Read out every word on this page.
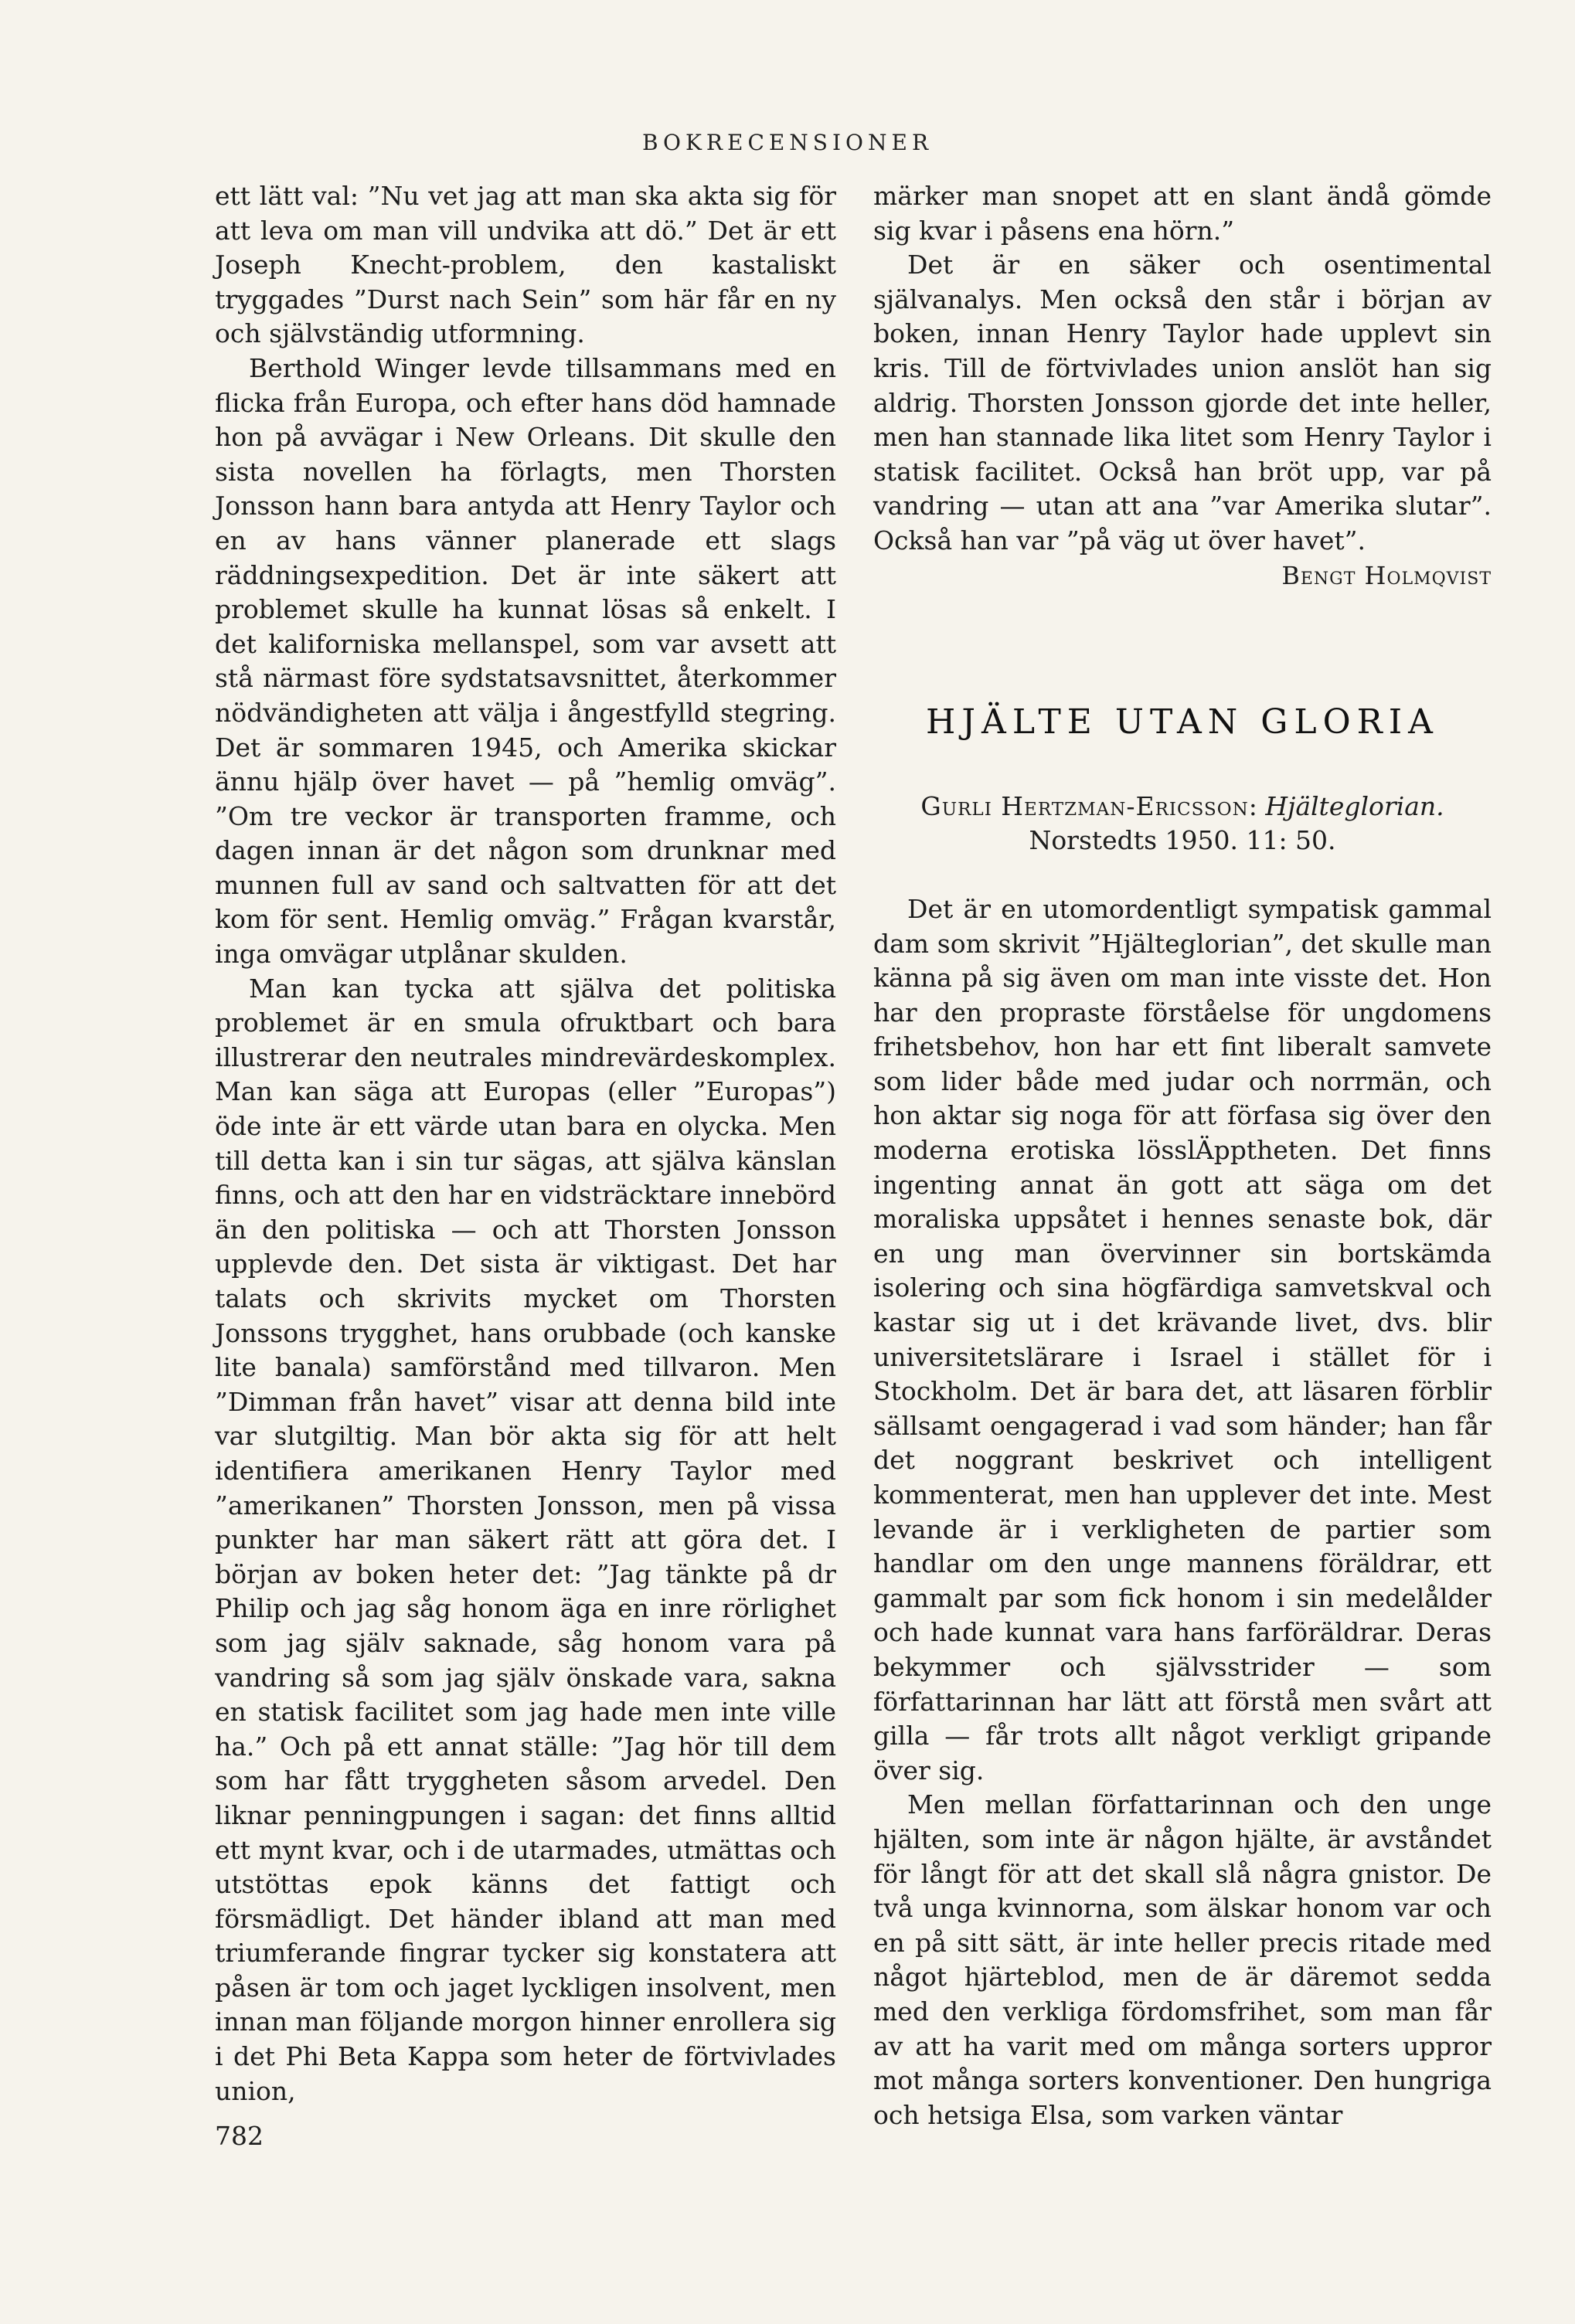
BOKRECENSIONER

ett lätt val: ”Nu vet jag att man ska akta sig för att leva om man vill undvika att dö.” Det är ett Joseph Knecht-problem, den kastaliskt tryggades ”Durst nach Sein” som här får en ny och självständig utformning.

Berthold Winger levde tillsammans med en flicka från Europa, och efter hans död hamnade hon på avvägar i New Orleans. Dit skulle den sista novellen ha förlagts, men Thorsten Jonsson hann bara antyda att Henry Taylor och en av hans vänner planerade ett slags räddningsexpedition. Det är inte säkert att problemet skulle ha kunnat lösas så enkelt. I det kaliforniska mellanspel, som var avsett att stå närmast före sydstatsavsnittet, återkommer nödvändigheten att välja i ångestfylld stegring. Det är sommaren 1945, och Amerika skickar ännu hjälp över havet — på ”hemlig omväg”. ”Om tre veckor är transporten framme, och dagen innan är det någon som drunknar med munnen full av sand och saltvatten för att det kom för sent. Hemlig omväg.” Frågan kvarstår, inga omvägar utplånar skulden.

Man kan tycka att själva det politiska problemet är en smula ofruktbart och bara illustrerar den neutrales mindrevärdeskomplex. Man kan säga att Europas (eller ”Europas”) öde inte är ett värde utan bara en olycka. Men till detta kan i sin tur sägas, att själva känslan finns, och att den har en vidsträcktare innebörd än den politiska — och att Thorsten Jonsson upplevde den. Det sista är viktigast. Det har talats och skrivits mycket om Thorsten Jonssons trygghet, hans orubbade (och kanske lite banala) samförstånd med tillvaron. Men ”Dimman från havet” visar att denna bild inte var slutgiltig. Man bör akta sig för att helt identifiera amerikanen Henry Taylor med ”amerikanen” Thorsten Jonsson, men på vissa punkter har man säkert rätt att göra det. I början av boken heter det: ”Jag tänkte på dr Philip och jag såg honom äga en inre rörlighet som jag själv saknade, såg honom vara på vandring så som jag själv önskade vara, sakna en statisk facilitet som jag hade men inte ville ha.” Och på ett annat ställe: ”Jag hör till dem som har fått tryggheten såsom arvedel. Den liknar penningpungen i sagan: det finns alltid ett mynt kvar, och i de utarmades, utmättas och utstöttas epok känns det fattigt och försmädligt. Det händer ibland att man med triumferande fingrar tycker sig konstatera att påsen är tom och jaget lyckligen insolvent, men innan man följande morgon hinner enrollera sig i det Phi Beta Kappa som heter de förtvivlades union,

märker man snopet att en slant ändå gömde sig kvar i påsens ena hörn.”

Det är en säker och osentimental självanalys. Men också den står i början av boken, innan Henry Taylor hade upplevt sin kris. Till de förtvivlades union anslöt han sig aldrig. Thorsten Jonsson gjorde det inte heller, men han stannade lika litet som Henry Taylor i statisk facilitet. Också han bröt upp, var på vandring — utan att ana ”var Amerika slutar”. Också han var ”på väg ut över havet”.

Bengt Holmqvist

HJÄLTE UTAN GLORIA
Gurli Hertzman-Ericsson: Hjälteglorian.
Norstedts 1950. 11: 50.

Det är en utomordentligt sympatisk gammal dam som skrivit ”Hjälteglorian”, det skulle man känna på sig även om man inte visste det. Hon har den propraste förståelse för ungdomens frihetsbehov, hon har ett fint liberalt samvete som lider både med judar och norrmän, och hon aktar sig noga för att förfasa sig över den moderna erotiska lösslÄpptheten. Det finns ingenting annat än gott att säga om det moraliska uppsåtet i hennes senaste bok, där en ung man övervinner sin bortskämda isolering och sina högfärdiga samvetskval och kastar sig ut i det krävande livet, dvs. blir universitetslärare i Israel i stället för i Stockholm. Det är bara det, att läsaren förblir sällsamt oengagerad i vad som händer; han får det noggrant beskrivet och intelligent kommenterat, men han upplever det inte. Mest levande är i verkligheten de partier som handlar om den unge mannens föräldrar, ett gammalt par som fick honom i sin medelålder och hade kunnat vara hans farföräldrar. Deras bekymmer och självsstrider — som författarinnan har lätt att förstå men svårt att gilla — får trots allt något verkligt gripande över sig.

Men mellan författarinnan och den unge hjälten, som inte är någon hjälte, är avståndet för långt för att det skall slå några gnistor. De två unga kvinnorna, som älskar honom var och en på sitt sätt, är inte heller precis ritade med något hjärteblod, men de är däremot sedda med den verkliga fördomsfrihet, som man får av att ha varit med om många sorters uppror mot många sorters konventioner. Den hungriga och hetsiga Elsa, som varken väntar

782
